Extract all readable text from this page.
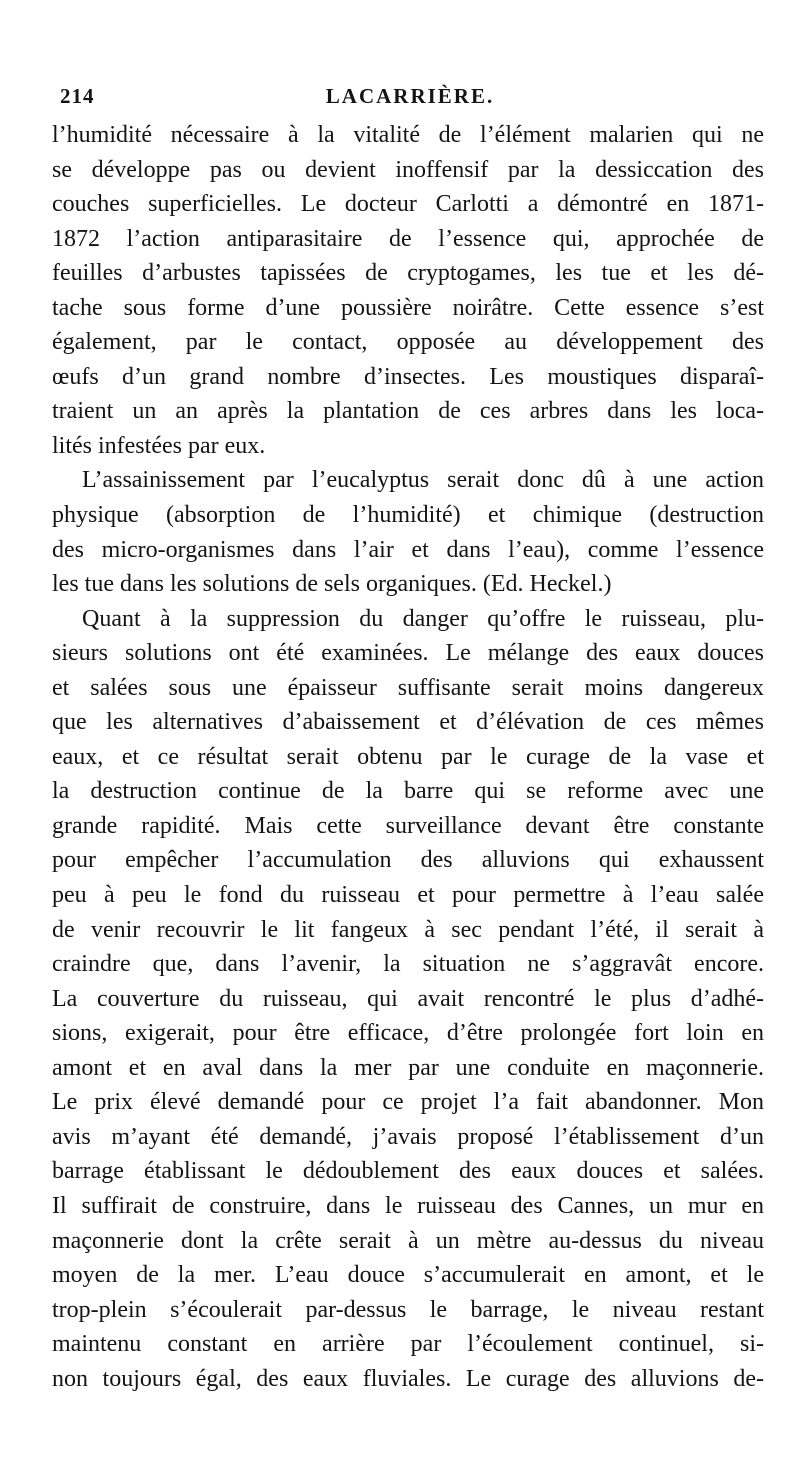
214	LACARRIÈRE.
l’humidité nécessaire à la vitalité de l’élément malarien qui ne
se développe pas ou devient inoffensif par la dessiccation des
couches superficielles. Le docteur Carlotti a démontré en 1871-
1872 l’action antiparasitaire de l’essence qui, approchée de
feuilles d’arbustes tapissées de cryptogames, les tue et les dé-
tache sous forme d’une poussière noirâtre. Cette essence s’est
également, par le contact, opposée au développement des
œufs d’un grand nombre d’insectes. Les moustiques disparaî-
traient un an après la plantation de ces arbres dans les loca-
lités infestées par eux.
L’assainissement par l’eucalyptus serait donc dû à une action
physique (absorption de l’humidité) et chimique (destruction
des micro-organismes dans l’air et dans l’eau), comme l’essence
les tue dans les solutions de sels organiques. (Ed. Heckel.)
Quant à la suppression du danger qu’offre le ruisseau, plu-
sieurs solutions ont été examinées. Le mélange des eaux douces
et salées sous une épaisseur suffisante serait moins dangereux
que les alternatives d’abaissement et d’élévation de ces mêmes
eaux, et ce résultat serait obtenu par le curage de la vase et
la destruction continue de la barre qui se reforme avec une
grande rapidité. Mais cette surveillance devant être constante
pour empêcher l’accumulation des alluvions qui exhaussent
peu à peu le fond du ruisseau et pour permettre à l’eau salée
de venir recouvrir le lit fangeux à sec pendant l’été, il serait à
craindre que, dans l’avenir, la situation ne s’aggravât encore.
La couverture du ruisseau, qui avait rencontré le plus d’adhé-
sions, exigerait, pour être efficace, d’être prolongée fort loin en
amont et en aval dans la mer par une conduite en maçonnerie.
Le prix élevé demandé pour ce projet l’a fait abandonner. Mon
avis m’ayant été demandé, j’avais proposé l’établissement d’un
barrage établissant le dédoublement des eaux douces et salées.
Il suffirait de construire, dans le ruisseau des Cannes, un mur en
maçonnerie dont la crête serait à un mètre au-dessus du niveau
moyen de la mer. L’eau douce s’accumulerait en amont, et le
trop-plein s’écoulerait par-dessus le barrage, le niveau restant
maintenu constant en arrière par l’écoulement continuel, si-
non toujours égal, des eaux fluviales. Le curage des alluvions de-
